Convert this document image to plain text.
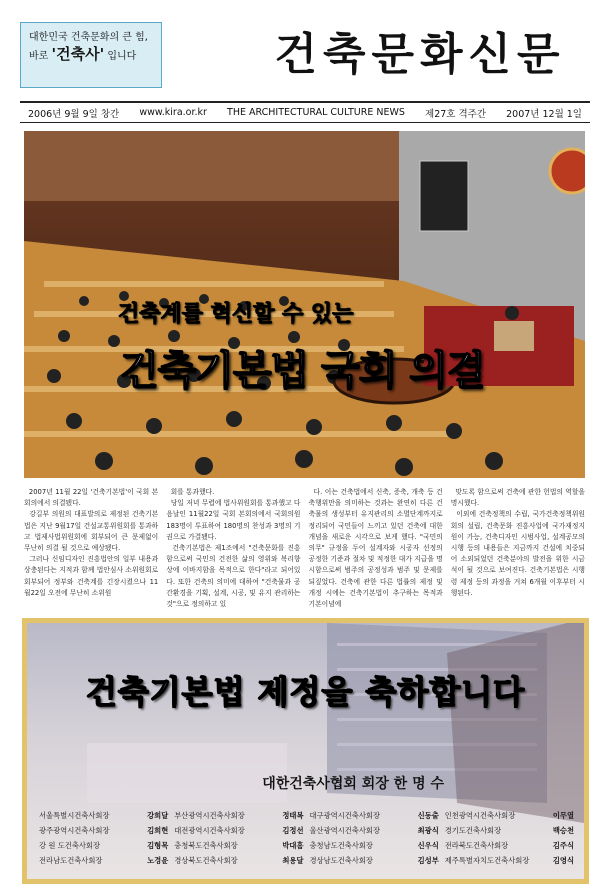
대한민국 건축문화의 큰 힘,
바로 '건축사' 입니다	건축문화신문
2006년 9월 9일 창간 www.kira.or.kr THE ARCHITECTURAL CULTURE NEWS 제27호 격주간 2007년 12월 1일
건축계를 혁신할 수 있는
건축기본법 국회 의결

2007년 11월 22일 '건축기본법'이 국회 본회의에서 의결됐다.

강길부 의원의 대표발의로 제정된 건축기본법은 지난 9월17일 건설교통위원회를 통과하고 법제사법위원회에 회부되어 큰 문제없이 무난히 의결 될 것으로 예상됐다.

그러나 신임디자인 진흥법안의 일부 내용과 상충된다는 지적과 함께 법안심사 소위원회로 회부되어 정부와 건축계를 긴장시켰으나 11월22일 오전에 무난히 소위원

회를 통과했다.

당일 저녁 무렵에 법사위원회를 통과했고 다음날인 11월22일 국회 본회의에서 국회의원 183명이 투표하여 180명의 찬성과 3명의 기권으로 가결됐다.

건축기본법은 제1조에서 "건축문화를 진흥함으로써 국민의 건전한 삶의 영위와 복리향상에 이바지함을 목적으로 한다"라고 되어있다. 또한 건축의 의미에 대하여 "건축물과 공간환경을 기획, 설계, 시공, 및 유지 관리하는 것"으로 정의하고 있

다. 이는 건축법에서 신축, 증축, 개축 등 건축행위만을 의미하는 것과는 완연히 다른 건축물의 생성부터 유지관리의 소멸단계까지로 정리되어 국민들이 느끼고 있던 건축에 대한 개념을 새로운 시각으로 보게 했다. "국민의 의무" 규정을 두어 설계자와 시공자 선정의 공정한 기준과 절차 및 적정한 대가 지급을 명시함으로써 범주의 공정성과 범주 및 문제를 되짚었다. 건축에 관한 다른 법률의 제정 및 개정 시에는 건축기본법이 추구하는 목적과 기본이념에

맞도록 함으로써 건축에 관한 헌법의 역할을 명시했다.

이외에 건축정책의 수립, 국가건축정책위원회의 설립, 건축문화 진흥사업에 국가재정지원이 가능, 건축디자인 시범사업, 설계공모의 시행 등의 내용들은 지금까지 건설에 치중되어 소외되었던 건축분야의 발전을 위한 시금석이 될 것으로 보여진다. 건축기본법은 시행령 제정 등의 과정을 거쳐 6개월 이후부터 시행된다.

건축기본법 제정을 축하합니다
대한건축사협회 회장 한 명 수
서울특별시건축사회장	강희달 부산광역시건축사회장	정태복 대구광역시건축사회장	신동출 인천광역시건축사회장	이무열
광주광역시건축사회장	김희현 대전광역시건축사회장	김정선 울산광역시건축사회장	최광식 경기도건축사회장	백승천
강 원 도건축사회장	김형목 충청북도건축사회장	박대흠 충청남도건축사회장	신우식 전라북도건축사회장	김주식
전라남도건축사회장	노경윤 경상북도건축사회장	최용달 경상남도건축사회장	김성부 제주특별자치도건축사회장	김영식
